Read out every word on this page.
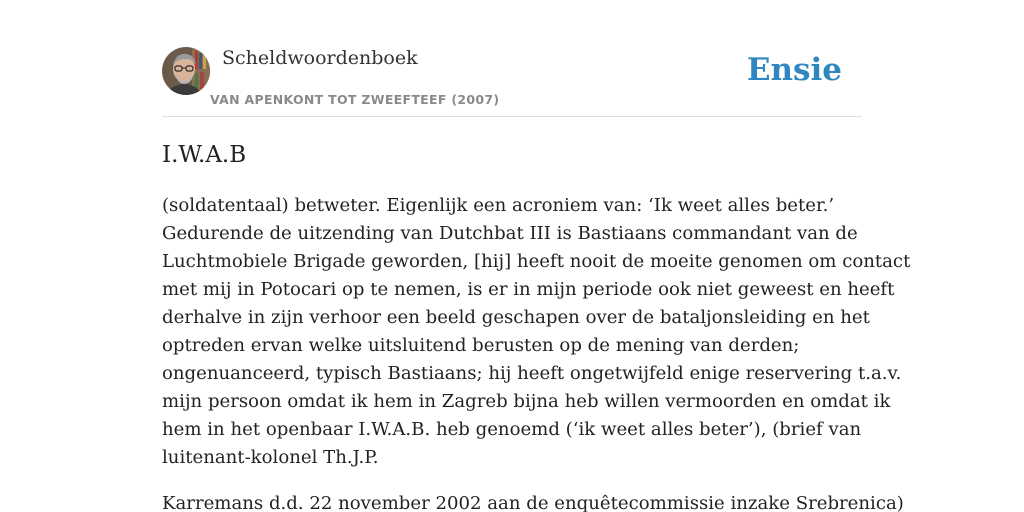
Scheldwoordenboek
VAN APENKONT TOT ZWEEFTEEF (2007)
Ensie
I.W.A.B

(soldatentaal) betweter. Eigenlijk een acroniem van: ‘Ik weet alles beter.’
Gedurende de uitzending van Dutchbat III is Bastiaans commandant van de
Luchtmobiele Brigade geworden, [hij] heeft nooit de moeite genomen om contact
met mij in Potocari op te nemen, is er in mijn periode ook niet geweest en heeft
derhalve in zijn verhoor een beeld geschapen over de bataljonsleiding en het
optreden ervan welke uitsluitend berusten op de mening van derden;
ongenuanceerd, typisch Bastiaans; hij heeft ongetwijfeld enige reservering t.a.v.
mijn persoon omdat ik hem in Zagreb bijna heb willen vermoorden en omdat ik
hem in het openbaar I.W.A.B. heb genoemd (‘ik weet alles beter’), (brief van
luitenant-kolonel Th.J.P.

Karremans d.d. 22 november 2002 aan de enquêtecommissie inzake Srebrenica)
